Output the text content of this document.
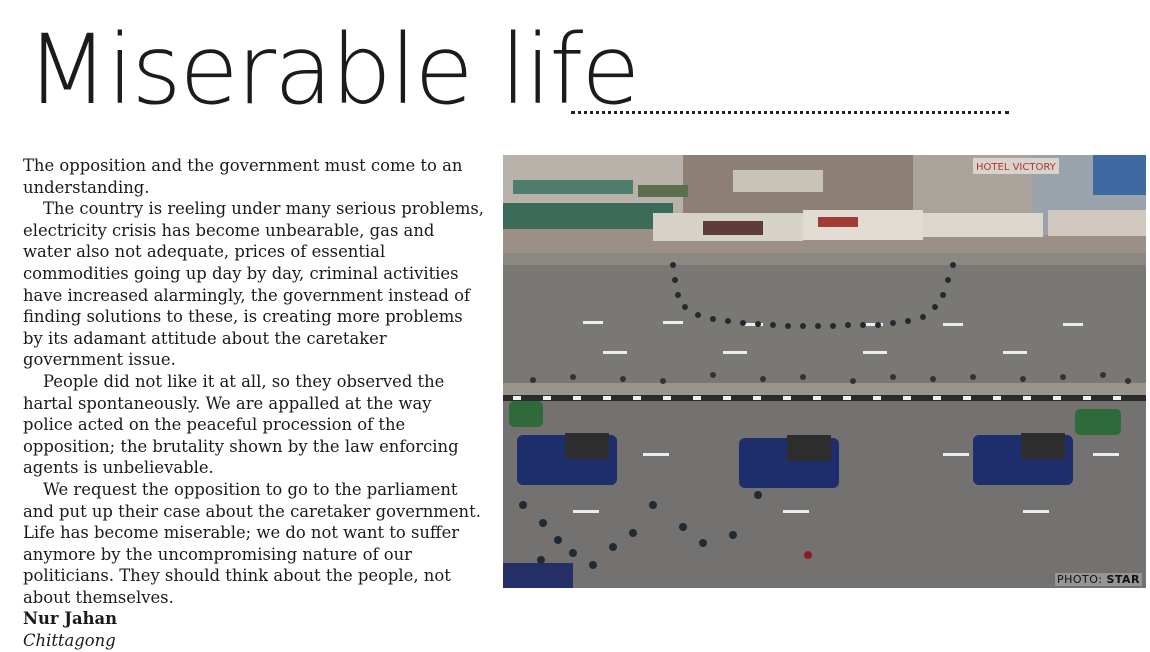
Miserable life

The opposition and the government must come to an understanding.

The country is reeling under many serious problems, electricity crisis has become unbearable, gas and water also not adequate, prices of essential commodities going up day by day, criminal activities have increased alarmingly, the government instead of finding solutions to these, is creating more problems by its adamant attitude about the caretaker government issue.

People did not like it at all, so they observed the hartal spontaneously. We are appalled at the way police acted on the peaceful procession of the opposition; the brutality shown by the law enforcing agents is unbelievable.

We request the opposition to go to the parliament and put up their case about the caretaker government. Life has become miserable; we do not want to suffer anymore by the uncompromising nature of our politicians. They should think about the people, not about themselves.

Nur Jahan

Chittagong

HOTEL VICTORY
PHOTO: STAR
